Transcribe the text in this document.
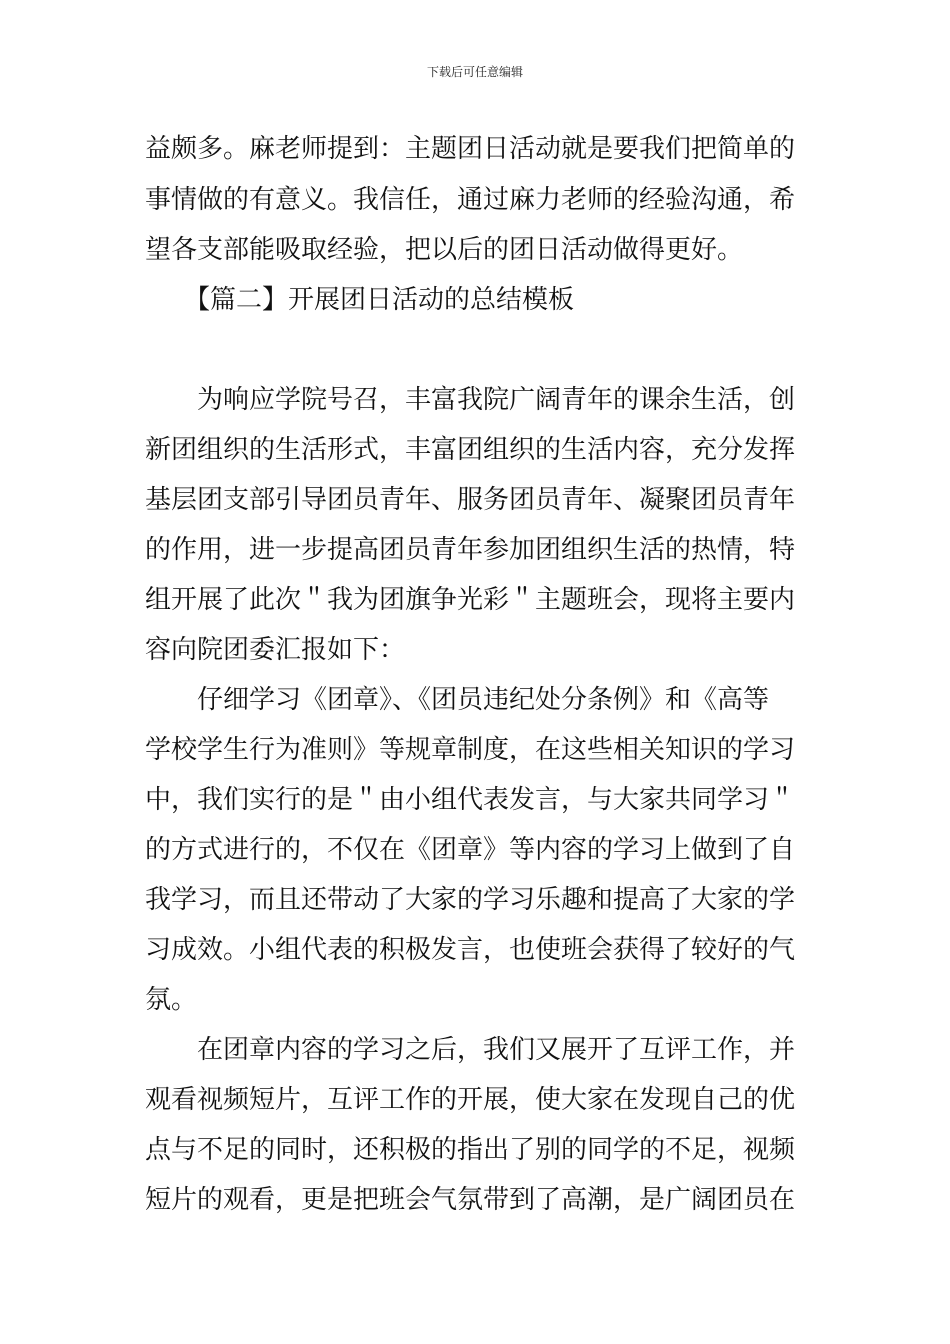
下载后可任意编辑
益颇多。麻老师提到：主题团日活动就是要我们把简单的
事情做的有意义。我信任，通过麻力老师的经验沟通，希
望各支部能吸取经验，把以后的团日活动做得更好。
　　【篇二】开展团日活动的总结模板
　　为响应学院号召，丰富我院广阔青年的课余生活，创
新团组织的生活形式，丰富团组织的生活内容，充分发挥
基层团支部引导团员青年、服务团员青年、凝聚团员青年
的作用，进一步提高团员青年参加团组织生活的热情，特
组开展了此次＂我为团旗争光彩＂主题班会，现将主要内
容向院团委汇报如下：
　　仔细学习《团章》、《团员违纪处分条例》和《高等
学校学生行为准则》等规章制度，在这些相关知识的学习
中，我们实行的是＂由小组代表发言，与大家共同学习＂
的方式进行的，不仅在《团章》等内容的学习上做到了自
我学习，而且还带动了大家的学习乐趣和提高了大家的学
习成效。小组代表的积极发言，也使班会获得了较好的气
氛。
　　在团章内容的学习之后，我们又展开了互评工作，并
观看视频短片，互评工作的开展，使大家在发现自己的优
点与不足的同时，还积极的指出了别的同学的不足，视频
短片的观看，更是把班会气氛带到了高潮，是广阔团员在
